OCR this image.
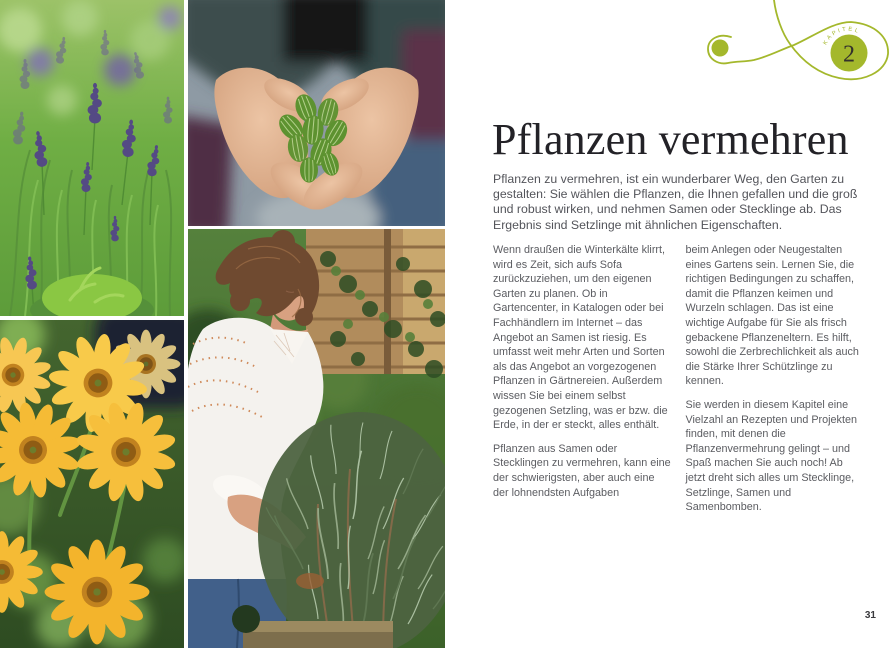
KAPITEL
2
Pflanzen vermehren

Pflanzen zu vermehren, ist ein wunderbarer Weg, den Garten zu gestalten: Sie wählen die Pflanzen, die Ihnen gefallen und die groß und robust wirken, und nehmen Samen oder Stecklinge ab. Das Ergebnis sind Setzlinge mit ähnlichen Eigenschaften.

Wenn draußen die Winterkälte klirrt, wird es Zeit, sich aufs Sofa zurückzuziehen, um den eigenen Garten zu planen. Ob in Gartencenter, in Katalogen oder bei Fachhändlern im Internet – das Angebot an Samen ist riesig. Es umfasst weit mehr Arten und Sorten als das Angebot an vorgezogenen Pflanzen in Gärtnereien. Außerdem wissen Sie bei einem selbst gezogenen Setzling, was er bzw. die Erde, in der er steckt, alles enthält.

Pflanzen aus Samen oder Stecklingen zu vermehren, kann eine der schwierigsten, aber auch eine der lohnendsten Aufgaben

beim Anlegen oder Neugestalten eines Gartens sein. Lernen Sie, die richtigen Bedingungen zu schaffen, damit die Pflanzen keimen und Wurzeln schlagen. Das ist eine wichtige Aufgabe für Sie als frisch gebackene Pflanzeneltern. Es hilft, sowohl die Zerbrechlichkeit als auch die Stärke Ihrer Schützlinge zu kennen.

Sie werden in diesem Kapitel eine Vielzahl an Rezepten und Projekten finden, mit denen die Pflanzenvermehrung gelingt – und Spaß machen Sie auch noch! Ab jetzt dreht sich alles um Stecklinge, Setzlinge, Samen und Samenbomben.

31
